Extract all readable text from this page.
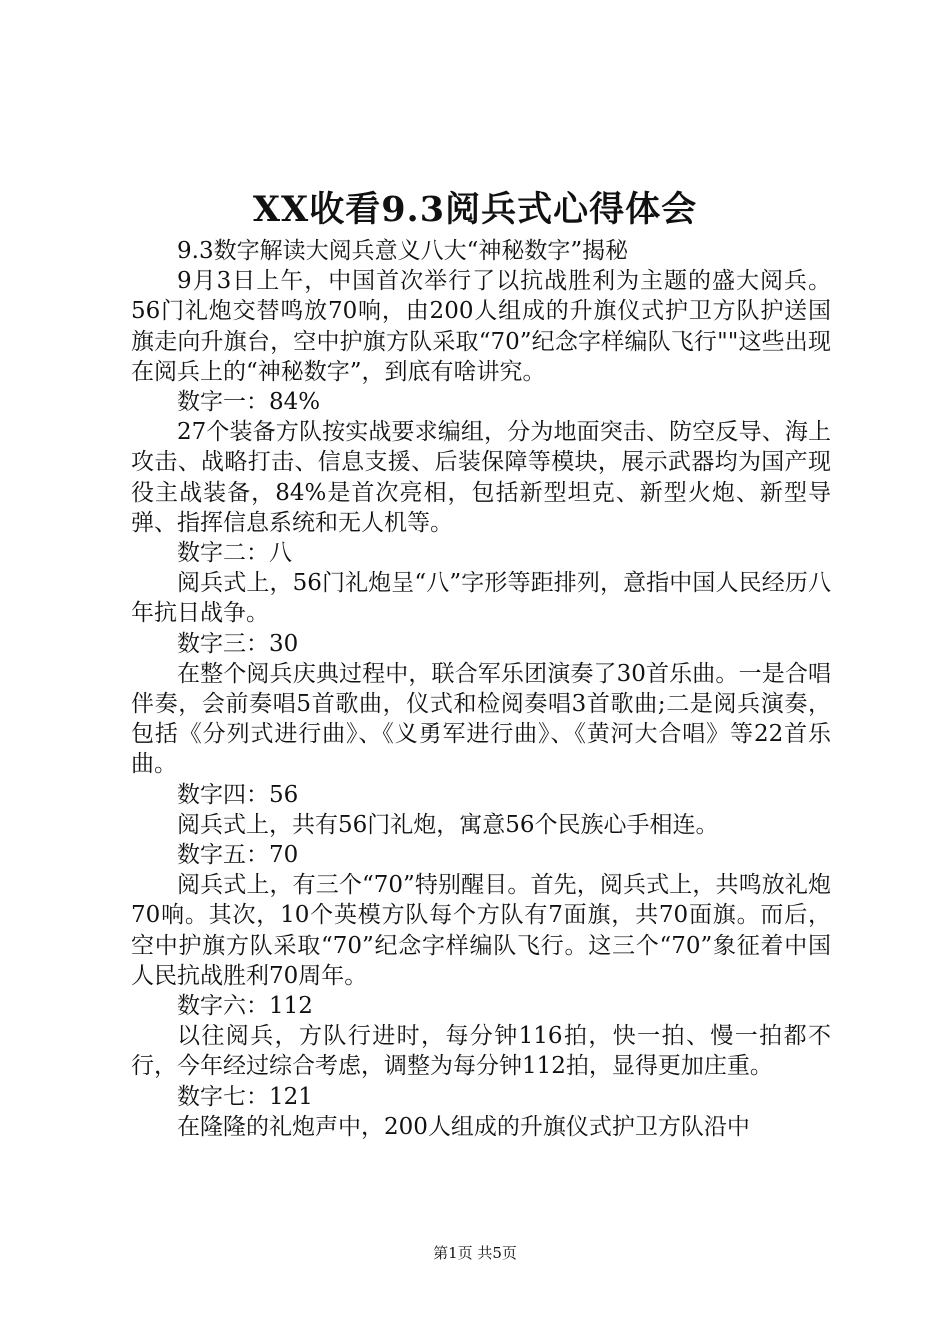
XX收看9.3阅兵式心得体会

9.3数字解读大阅兵意义八大“神秘数字”揭秘

9月3日上午，中国首次举行了以抗战胜利为主题的盛大阅兵。56门礼炮交替鸣放70响，由200人组成的升旗仪式护卫方队护送国旗走向升旗台，空中护旗方队采取“70”纪念字样编队飞行""这些出现在阅兵上的“神秘数字”，到底有啥讲究。

数字一：84%

27个装备方队按实战要求编组，分为地面突击、防空反导、海上攻击、战略打击、信息支援、后装保障等模块，展示武器均为国产现役主战装备，84%是首次亮相，包括新型坦克、新型火炮、新型导弹、指挥信息系统和无人机等。

数字二：八

阅兵式上，56门礼炮呈“八”字形等距排列，意指中国人民经历八年抗日战争。

数字三：30

在整个阅兵庆典过程中，联合军乐团演奏了30首乐曲。一是合唱伴奏，会前奏唱5首歌曲，仪式和检阅奏唱3首歌曲;二是阅兵演奏，包括《分列式进行曲》、《义勇军进行曲》、《黄河大合唱》等22首乐曲。

数字四：56

阅兵式上，共有56门礼炮，寓意56个民族心手相连。

数字五：70

阅兵式上，有三个“70”特别醒目。首先，阅兵式上，共鸣放礼炮70响。其次，10个英模方队每个方队有7面旗，共70面旗。而后，空中护旗方队采取“70”纪念字样编队飞行。这三个“70”象征着中国人民抗战胜利70周年。

数字六：112

以往阅兵，方队行进时，每分钟116拍，快一拍、慢一拍都不行，今年经过综合考虑，调整为每分钟112拍，显得更加庄重。

数字七：121

在隆隆的礼炮声中，200人组成的升旗仪式护卫方队沿中

第1页 共5页
